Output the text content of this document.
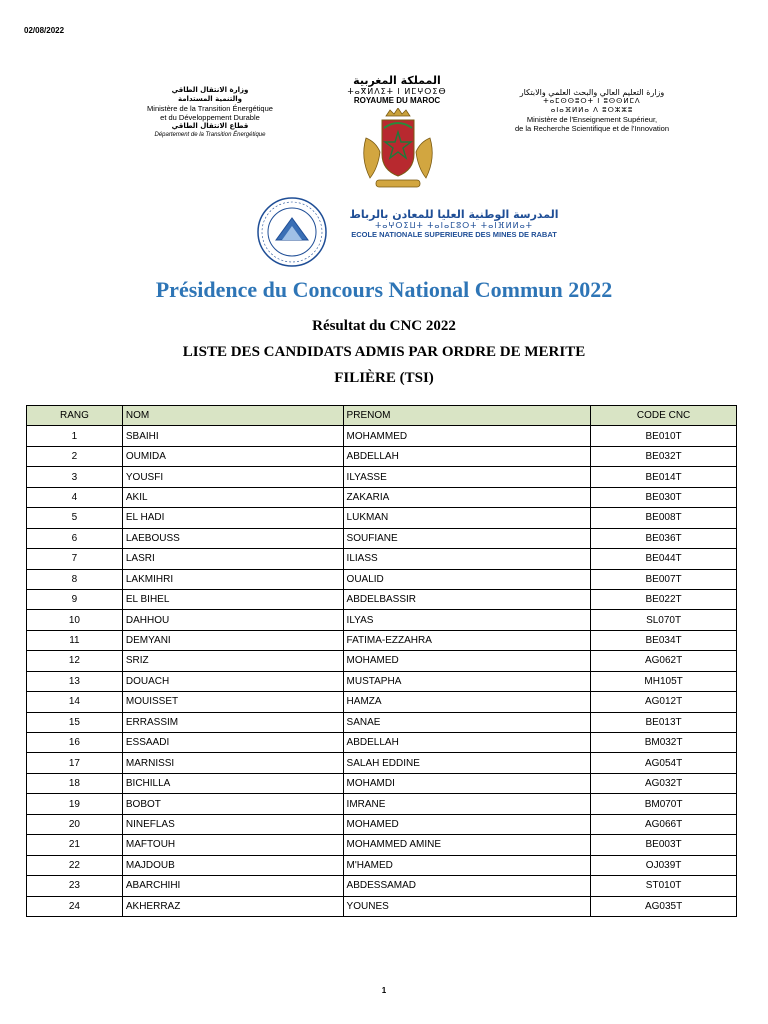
02/08/2022
وزارة الانتقال الطاقي
والتنمية المستدامة
Ministère de la Transition Énergétique
et du Développement Durable
قطاع الانتقال الطاقي
Département de la Transition Énergétique
المملكة المغربية
ⵜⴰⴳⵍⴷⵉⵜ ⵏ ⵍⵎⵖⵔⵉⴱ
ROYAUME DU MAROC
وزارة التعليم العالي والبحث العلمي والابتكار
ⵜⴰⵎⵙⵙⵓⵔⵜ ⵏ ⵓⵙⵙⵍⵎⴷ
ⴰⵏⴰⴼⵍⵍⴰ ⴷ ⵓⵔⵣⵣⵓ
Ministère de l'Enseignement Supérieur,
de la Recherche Scientifique et de l'Innovation
المدرسة الوطنية العليا للمعادن بالرباط
ⵜⴰⵖⵔⵉⵡⵜ ⵜⴰⵏⴰⵎⵓⵔⵜ ⵜⴰⵏⴼⵍⵍⴰⵜ
ECOLE NATIONALE SUPERIEURE DES MINES DE RABAT
Présidence du Concours National Commun 2022
Résultat du CNC 2022
LISTE DES CANDIDATS ADMIS PAR ORDRE DE MERITE
FILIÈRE (TSI)
RANG	NOM	PRENOM	CODE CNC
1	SBAIHI	MOHAMMED	BE010T
2	OUMIDA	ABDELLAH	BE032T
3	YOUSFI	ILYASSE	BE014T
4	AKIL	ZAKARIA	BE030T
5	EL HADI	LUKMAN	BE008T
6	LAEBOUSS	SOUFIANE	BE036T
7	LASRI	ILIASS	BE044T
8	LAKMIHRI	OUALID	BE007T
9	EL BIHEL	ABDELBASSIR	BE022T
10	DAHHOU	ILYAS	SL070T
11	DEMYANI	FATIMA-EZZAHRA	BE034T
12	SRIZ	MOHAMED	AG062T
13	DOUACH	MUSTAPHA	MH105T
14	MOUISSET	HAMZA	AG012T
15	ERRASSIM	SANAE	BE013T
16	ESSAADI	ABDELLAH	BM032T
17	MARNISSI	SALAH EDDINE	AG054T
18	BICHILLA	MOHAMDI	AG032T
19	BOBOT	IMRANE	BM070T
20	NINEFLAS	MOHAMED	AG066T
21	MAFTOUH	MOHAMMED AMINE	BE003T
22	MAJDOUB	M'HAMED	OJ039T
23	ABARCHIHI	ABDESSAMAD	ST010T
24	AKHERRAZ	YOUNES	AG035T
1
